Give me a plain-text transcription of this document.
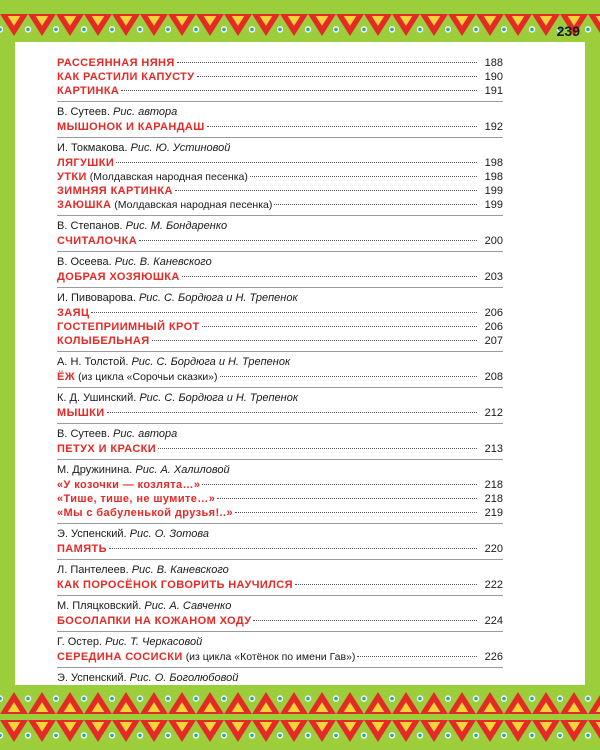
РАССЕЯННАЯ НЯНЯ	188
КАК РАСТИЛИ КАПУСТУ	190
КАРТИНКА	191
В. Сутеев. Рис. автора
МЫШОНОК И КАРАНДАШ	192
И. Токмакова. Рис. Ю. Устиновой
ЛЯГУШКИ	198
УТКИ (Молдавская народная песенка)	198
ЗИМНЯЯ КАРТИНКА	199
ЗАЮШКА (Молдавская народная песенка)	199
В. Степанов. Рис. М. Бондаренко
СЧИТАЛОЧКА	200
В. Осеева. Рис. В. Каневского
ДОБРАЯ ХОЗЯЮШКА	203
И. Пивоварова. Рис. С. Бордюга и Н. Трепенок
ЗАЯЦ	206
ГОСТЕПРИИМНЫЙ КРОТ	206
КОЛЫБЕЛЬНАЯ	207
А. Н. Толстой. Рис. С. Бордюга и Н. Трепенок
ЁЖ (из цикла «Сорочьи сказки»)	208
К. Д. Ушинский. Рис. С. Бордюга и Н. Трепенок
МЫШКИ	212
В. Сутеев. Рис. автора
ПЕТУХ И КРАСКИ	213
М. Дружинина. Рис. А. Халиловой
«У козочки — козлята…»	218
«Тише, тише, не шумите…»	218
«Мы с бабуленькой друзья!..»	219
Э. Успенский. Рис. О. Зотова
ПАМЯТЬ	220
Л. Пантелеев. Рис. В. Каневского
КАК ПОРОСЁНОК ГОВОРИТЬ НАУЧИЛСЯ	222
М. Пляцковский. Рис. А. Савченко
БОСОЛАПКИ НА КОЖАНОМ ХОДУ	224
Г. Остер. Рис. Т. Черкасовой
СЕРЕДИНА СОСИСКИ (из цикла «Котёнок по имени Гав»)	226
Э. Успенский. Рис. О. Боголюбовой
239
